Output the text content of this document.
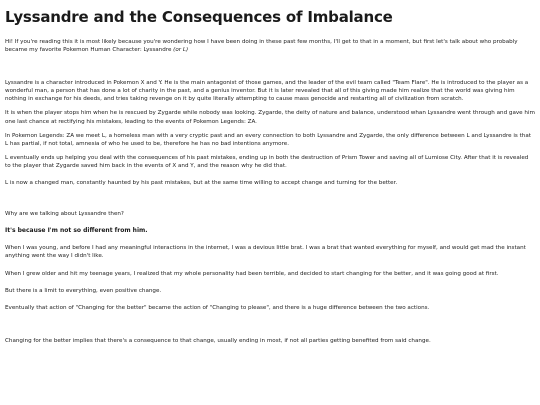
Lyssandre and the Consequences of Imbalance

Hi! If you're reading this it is most likely because you're wondering how I have been doing in these past few months, I'll get to that in a moment, but first let's talk about who probably became my favorite Pokemon Human Character: Lyssandre (or L)

Lyssandre is a character introduced in Pokemon X and Y. He is the main antagonist of those games, and the leader of the evil team called "Team Flare". He is introduced to the player as a wonderful man, a person that has done a lot of charity in the past, and a genius inventor. But it is later revealed that all of this giving made him realize that the world was giving him nothing in exchange for his deeds, and tries taking revenge on it by quite literally attempting to cause mass genocide and restarting all of civilization from scratch.

It is when the player stops him when he is rescued by Zygarde while nobody was looking. Zygarde, the deity of nature and balance, understood whan Lyssandre went through and gave him one last chance at rectifying his mistakes, leading to the events of Pokemon Legends: ZA.

In Pokemon Legends: ZA we meet L, a homeless man with a very cryptic past and an every connection to both Lyssandre and Zygarde, the only difference between L and Lyssandre is that L has partial, if not total, amnesia of who he used to be, therefore he has no bad intentions anymore.

L eventually ends up helping you deal with the consequences of his past mistakes, ending up in both the destruction of Prism Tower and saving all of Lumiose City. After that it is revealed to the player that Zygarde saved him back in the events of X and Y, and the reason why he did that.

L is now a changed man, constantly haunted by his past mistakes, but at the same time willing to accept change and turning for the better.

Why are we talking about Lyssandre then?

It's because I'm not so different from him.

When I was young, and before I had any meaningful interactions in the internet, I was a devious little brat. I was a brat that wanted everything for myself, and would get mad the instant anything went the way I didn't like.

When I grew older and hit my teenage years, I realized that my whole personality had been terrible, and decided to start changing for the better, and it was going good at first.

But there is a limit to everything, even positive change.

Eventually that action of "Changing for the better" became the action of "Changing to please", and there is a huge difference between the two actions.

Changing for the better implies that there's a consequence to that change, usually ending in most, if not all parties getting benefited from said change.
